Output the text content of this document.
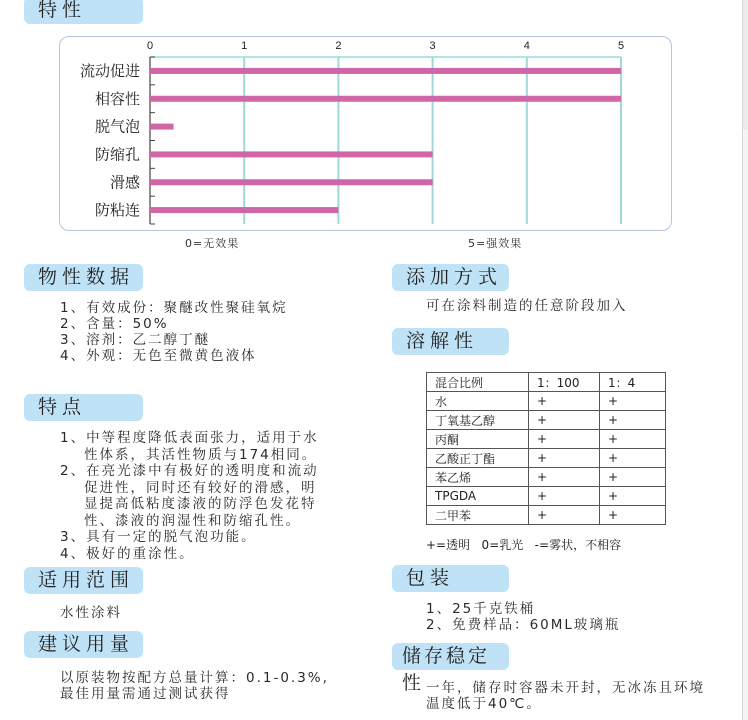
特性
0	1	2	3	4	5
流动促进
相容性
脱气泡
防缩孔
滑感
防粘连
0=无效果	5=强效果
物性数据
1、有效成份：聚醚改性聚硅氧烷
2、含量：50%
3、溶剂：乙二醇丁醚
4、外观：无色至微黄色液体
特点
1、中等程度降低表面张力，适用于水
性体系，其活性物质与174相同。
2、在亮光漆中有极好的透明度和流动
促进性，同时还有较好的滑感，明
显提高低粘度漆液的防浮色发花特
性、漆液的润湿性和防缩孔性。
3、具有一定的脱气泡功能。
4、极好的重涂性。
适用范围
水性涂料
建议用量
以原装物按配方总量计算：0.1-0.3%,
最佳用量需通过测试获得
添加方式
可在涂料制造的任意阶段加入
溶解性
混合比例	1：100	1：4
水	+	+
丁氧基乙醇	+	+
丙酮	+	+
乙酸正丁酯	+	+
苯乙烯	+	+
TPGDA	+	+
二甲苯	+	+
+=透明   0=乳光   -=雾状，不相容
包装
1、25千克铁桶
2、免费样品：60ML玻璃瓶
储存稳定性 一年，储存时容器未开封，无冰冻且环境
温度低于40℃。
